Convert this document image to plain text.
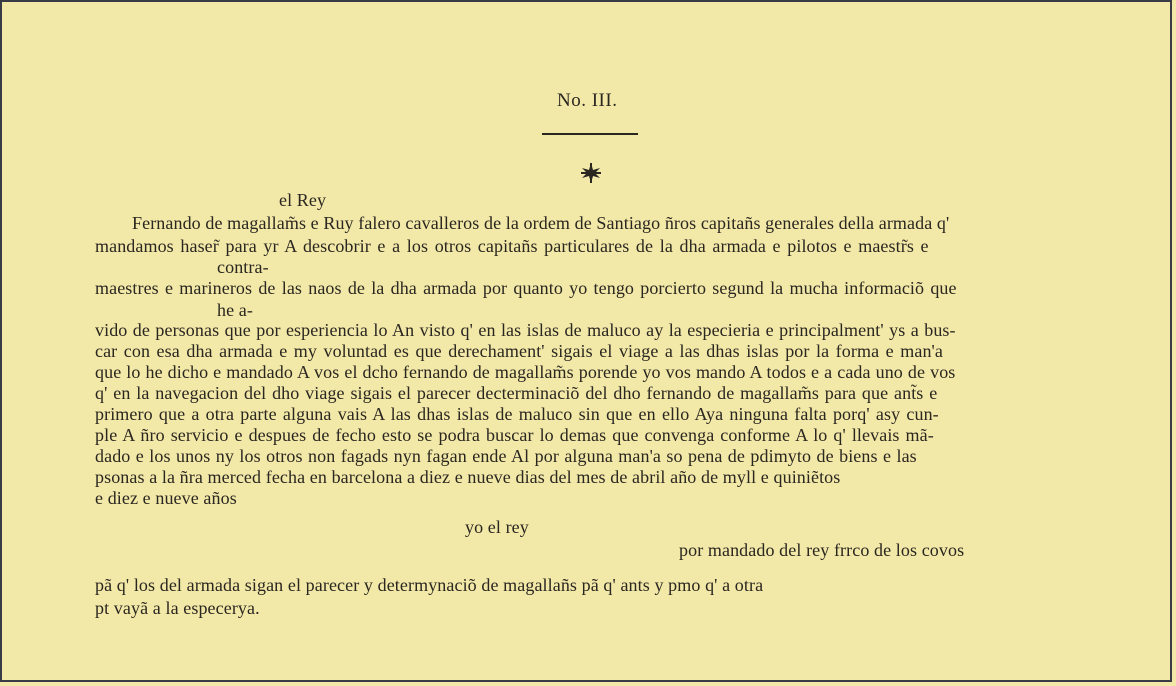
No. III.
el Rey
Fernando de magallam̃s e Ruy falero cavalleros de la ordem de Santiago ñros capitañs generales della armada q'
mandamos haser̃ para yr A descobrir e a los otros capitañs particulares de la dha armada e pilotos e maestr̃s e
contra-
maestres e marineros de las naos de la dha armada por quanto yo tengo porcierto segund la mucha informaciõ que
he a-
vido de personas que por esperiencia lo An visto q' en las islas de maluco ay la especieria e principalment' ys a bus-
car con esa dha armada e my voluntad es que derechament' sigais el viage a las dhas islas por la forma e man'a
que lo he dicho e mandado A vos el dcho fernando de magallam̃s porende yo vos mando A todos e a cada uno de vos
q' en la navegacion del dho viage sigais el parecer decterminaciõ del dho fernando de magallam̃s para que ant̃s e
primero que a otra parte alguna vais A las dhas islas de maluco sin que en ello Aya ninguna falta porq' asy cun-
ple A ñro servicio e despues de fecho esto se podra buscar lo demas que convenga conforme A lo q' llevais mã-
dado e los unos ny los otros non fagads nyn fagan ende Al por alguna man'a so pena de pdimyto de biens e las
psonas a la ñra merced fecha en barcelona a diez e nueve dias del mes de abril año de myll e quiniẽtos
e diez e nueve años
yo el rey
por mandado del rey frrco de los covos
pã q' los del armada sigan el parecer y determynaciõ de magallañs pã q' ants y pmo q' a otra
pt vayã a la especerya.
